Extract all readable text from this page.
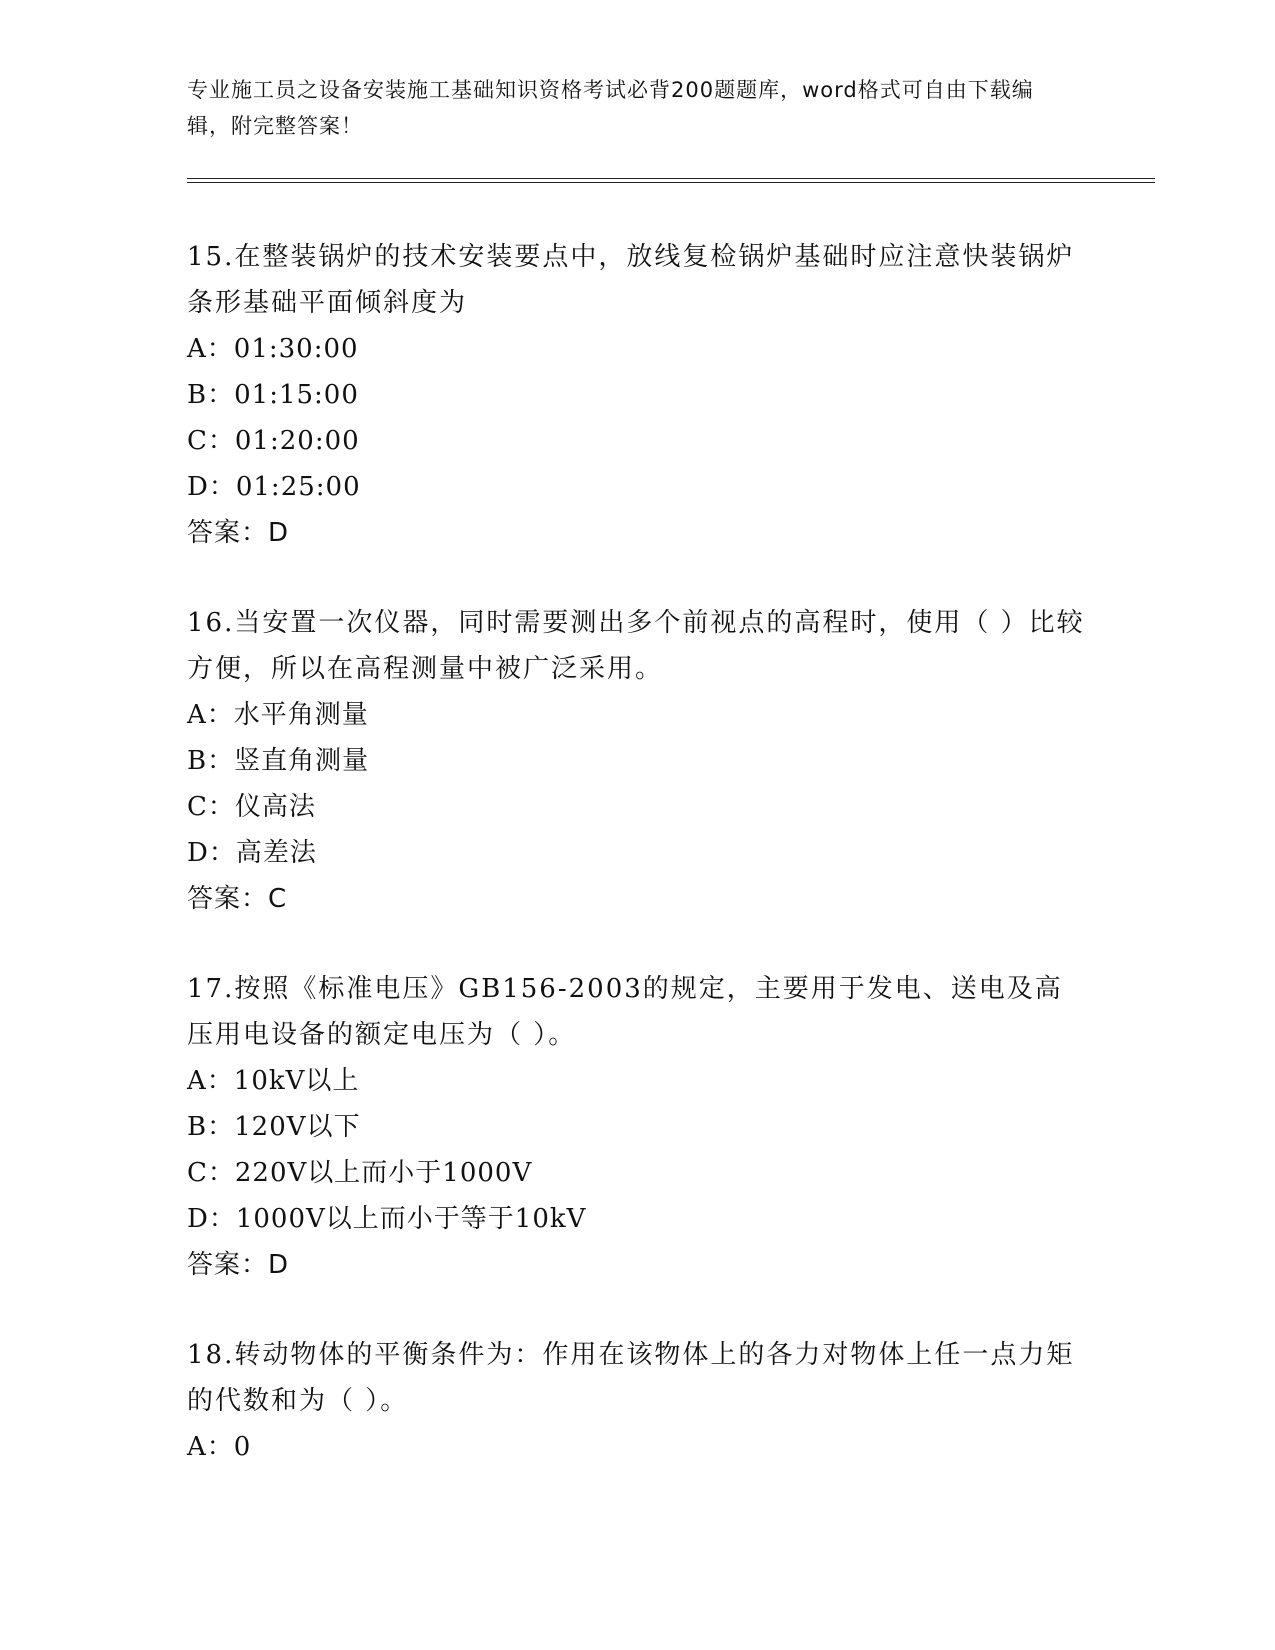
专业施工员之设备安装施工基础知识资格考试必背200题题库，word格式可自由下载编辑，附完整答案！
15.在整装锅炉的技术安装要点中，放线复检锅炉基础时应注意快装锅炉条形基础平面倾斜度为
A：01:30:00
B：01:15:00
C：01:20:00
D：01:25:00
答案：D
16.当安置一次仪器，同时需要测出多个前视点的高程时，使用（ ）比较方便，所以在高程测量中被广泛采用。
A：水平角测量
B：竖直角测量
C：仪高法
D：高差法
答案：C
17.按照《标准电压》GB156-2003的规定，主要用于发电、送电及高压用电设备的额定电压为（ ）。
A：10kV以上
B：120V以下
C：220V以上而小于1000V
D：1000V以上而小于等于10kV
答案：D
18.转动物体的平衡条件为：作用在该物体上的各力对物体上任一点力矩的代数和为（ ）。
A：0
